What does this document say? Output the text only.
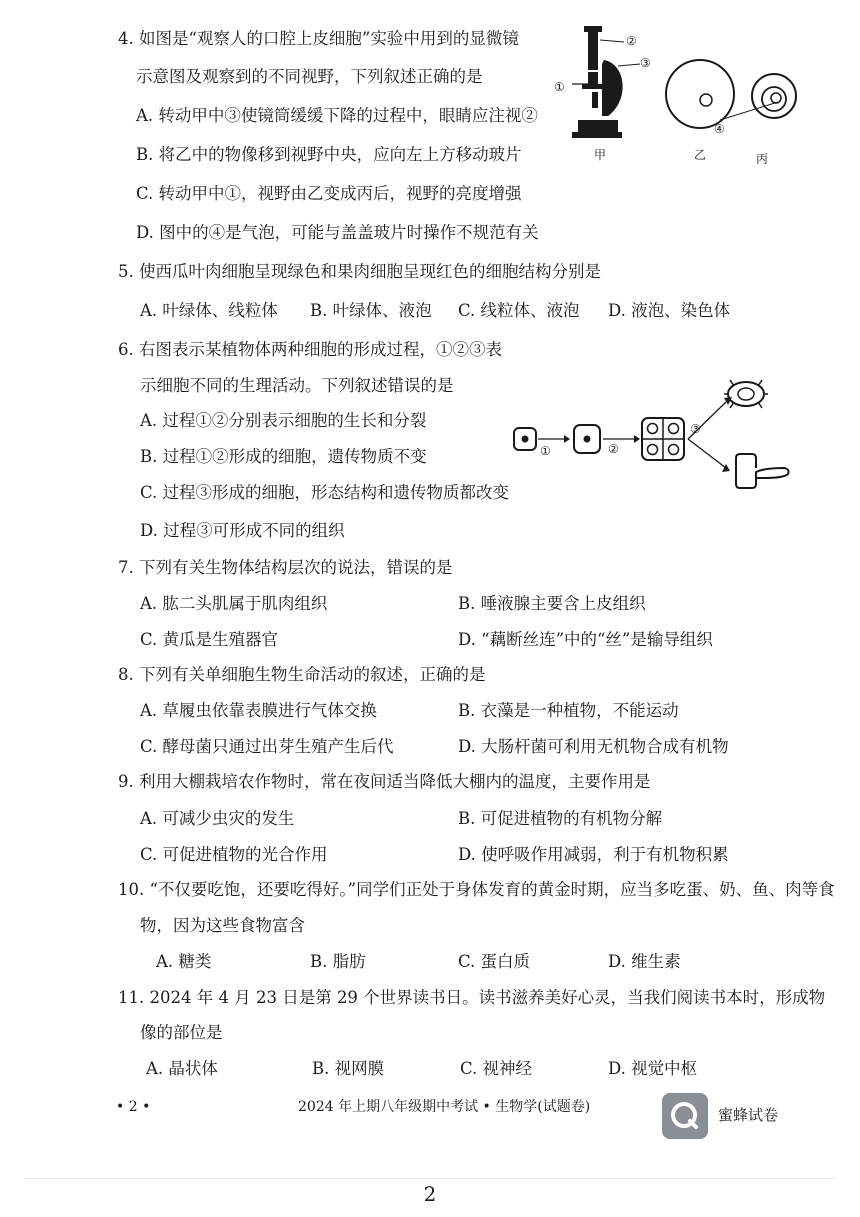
4. 如图是“观察人的口腔上皮细胞”实验中用到的显微镜
示意图及观察到的不同视野，下列叙述正确的是
A. 转动甲中③使镜筒缓缓下降的过程中，眼睛应注视②
B. 将乙中的物像移到视野中央，应向左上方移动玻片
C. 转动甲中①，视野由乙变成丙后，视野的亮度增强
D. 图中的④是气泡，可能与盖盖玻片时操作不规范有关
①
②
③
④
甲	乙	丙
5. 使西瓜叶肉细胞呈现绿色和果肉细胞呈现红色的细胞结构分别是
A. 叶绿体、线粒体 B. 叶绿体、液泡 C. 线粒体、液泡 D. 液泡、染色体
6. 右图表示某植物体两种细胞的形成过程，①②③表
示细胞不同的生理活动。下列叙述错误的是
A. 过程①②分别表示细胞的生长和分裂
B. 过程①②形成的细胞，遗传物质不变
C. 过程③形成的细胞，形态结构和遗传物质都改变
D. 过程③可形成不同的组织
①	②
③
7. 下列有关生物体结构层次的说法，错误的是
A. 肱二头肌属于肌肉组织	B. 唾液腺主要含上皮组织
C. 黄瓜是生殖器官	D. “藕断丝连”中的“丝”是输导组织
8. 下列有关单细胞生物生命活动的叙述，正确的是
A. 草履虫依靠表膜进行气体交换	B. 衣藻是一种植物，不能运动
C. 酵母菌只通过出芽生殖产生后代	D. 大肠杆菌可利用无机物合成有机物
9. 利用大棚栽培农作物时，常在夜间适当降低大棚内的温度，主要作用是
A. 可减少虫灾的发生	B. 可促进植物的有机物分解
C. 可促进植物的光合作用	D. 使呼吸作用减弱，利于有机物积累
10. “不仅要吃饱，还要吃得好。”同学们正处于身体发育的黄金时期，应当多吃蛋、奶、鱼、肉等食
物，因为这些食物富含
A. 糖类	B. 脂肪	C. 蛋白质	D. 维生素
11. 2024 年 4 月 23 日是第 29 个世界读书日。读书滋养美好心灵，当我们阅读书本时，形成物
像的部位是
A. 晶状体	B. 视网膜	C. 视神经	D. 视觉中枢
• 2 •	2024 年上期八年级期中考试 • 生物学(试题卷)	蜜蜂试卷
2
